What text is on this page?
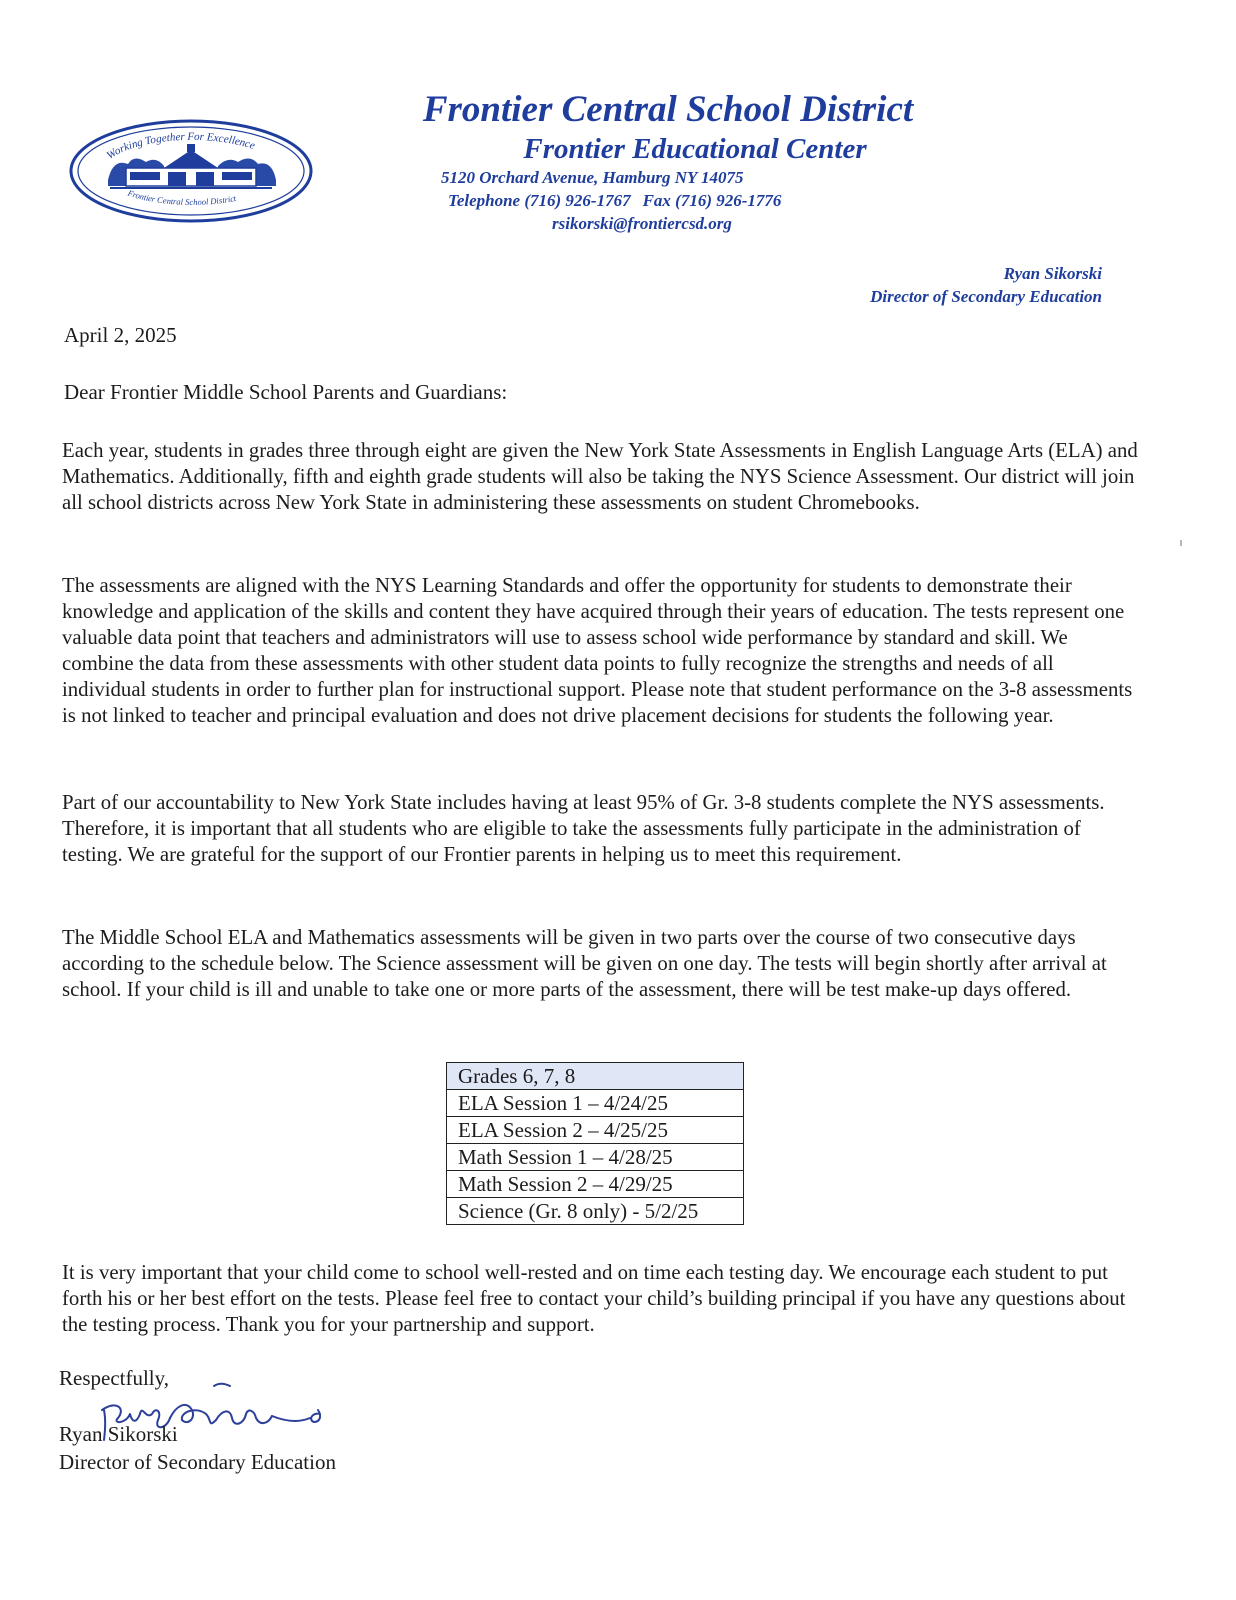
Working Together For Excellence
Frontier Central School District
Frontier Central School District
Frontier Educational Center
5120 Orchard Avenue, Hamburg NY 14075
Telephone (716) 926-1767 Fax (716) 926-1776
rsikorski@frontiercsd.org
Ryan Sikorski
Director of Secondary Education
April 2, 2025
Dear Frontier Middle School Parents and Guardians:

Each year, students in grades three through eight are given the New York State Assessments in English Language Arts (ELA) and Mathematics. Additionally, fifth and eighth grade students will also be taking the NYS Science Assessment. Our district will join all school districts across New York State in administering these assessments on student Chromebooks.

The assessments are aligned with the NYS Learning Standards and offer the opportunity for students to demonstrate their knowledge and application of the skills and content they have acquired through their years of education. The tests represent one valuable data point that teachers and administrators will use to assess school wide performance by standard and skill. We combine the data from these assessments with other student data points to fully recognize the strengths and needs of all individual students in order to further plan for instructional support. Please note that student performance on the 3-8 assessments is not linked to teacher and principal evaluation and does not drive placement decisions for students the following year.

Part of our accountability to New York State includes having at least 95% of Gr. 3-8 students complete the NYS assessments. Therefore, it is important that all students who are eligible to take the assessments fully participate in the administration of testing. We are grateful for the support of our Frontier parents in helping us to meet this requirement.

The Middle School ELA and Mathematics assessments will be given in two parts over the course of two consecutive days according to the schedule below. The Science assessment will be given on one day. The tests will begin shortly after arrival at school. If your child is ill and unable to take one or more parts of the assessment, there will be test make-up days offered.

Grades 6, 7, 8
ELA Session 1 – 4/24/25
ELA Session 2 – 4/25/25
Math Session 1 – 4/28/25
Math Session 2 – 4/29/25
Science (Gr. 8 only) - 5/2/25

It is very important that your child come to school well-rested and on time each testing day. We encourage each student to put forth his or her best effort on the tests. Please feel free to contact your child’s building principal if you have any questions about the testing process. Thank you for your partnership and support.

Respectfully,
Ryan Sikorski
Director of Secondary Education
